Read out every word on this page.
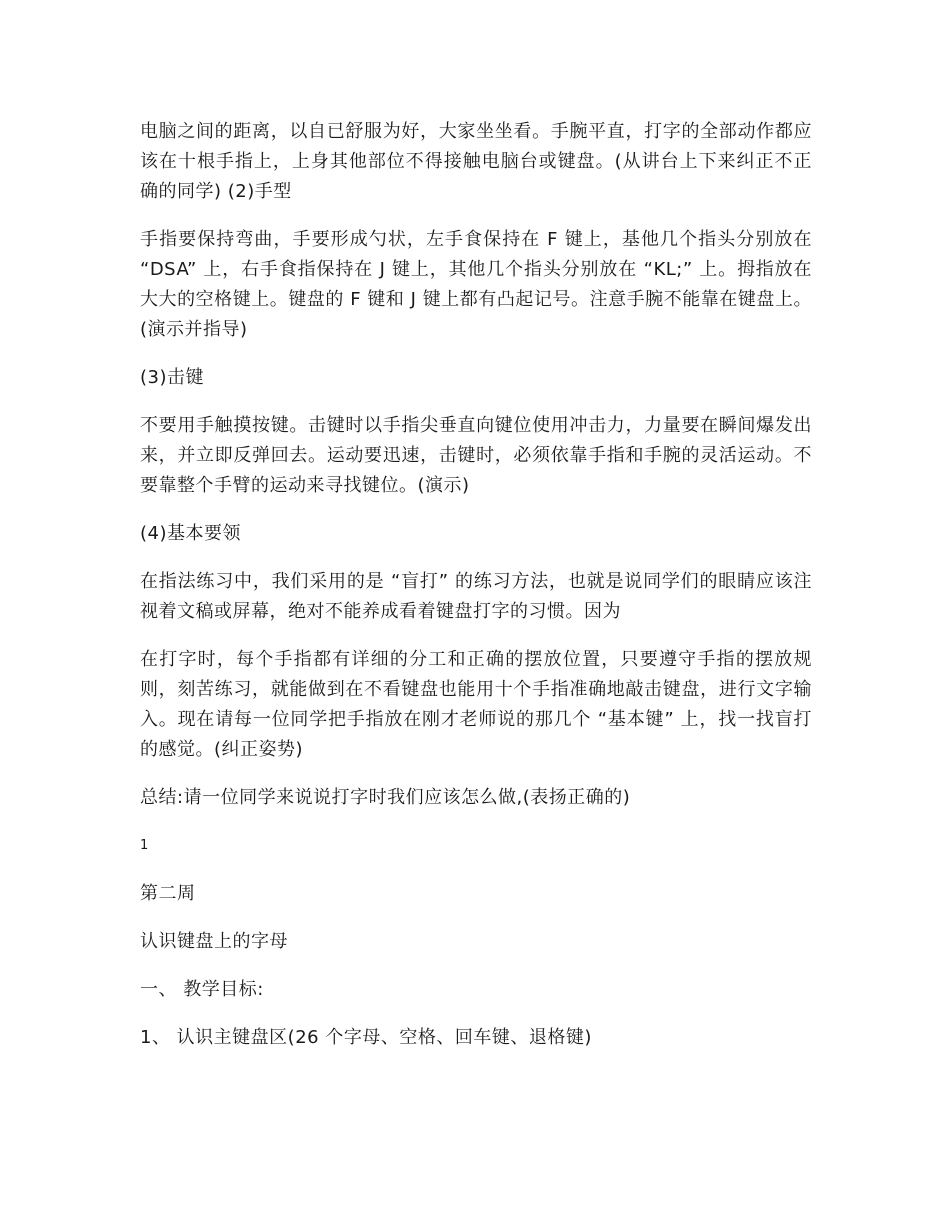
电脑之间的距离，以自已舒服为好，大家坐坐看。手腕平直，打字的全部动作都应该在十根手指上，上身其他部位不得接触电脑台或键盘。(从讲台上下来纠正不正确的同学) (2)手型

手指要保持弯曲，手要形成勺状，左手食保持在 F 键上，基他几个指头分别放在 “DSA” 上，右手食指保持在 J 键上，其他几个指头分别放在 “KL;” 上。拇指放在大大的空格键上。键盘的 F 键和 J 键上都有凸起记号。注意手腕不能靠在键盘上。(演示并指导)

(3)击键

不要用手触摸按键。击键时以手指尖垂直向键位使用冲击力，力量要在瞬间爆发出来，并立即反弹回去。运动要迅速，击键时，必须依靠手指和手腕的灵活运动。不要靠整个手臂的运动来寻找键位。(演示)

(4)基本要领

在指法练习中，我们采用的是 “盲打” 的练习方法，也就是说同学们的眼睛应该注视着文稿或屏幕，绝对不能养成看着键盘打字的习惯。因为

在打字时，每个手指都有详细的分工和正确的摆放位置，只要遵守手指的摆放规则，刻苦练习，就能做到在不看键盘也能用十个手指准确地敲击键盘，进行文字输入。现在请每一位同学把手指放在刚才老师说的那几个 “基本键” 上，找一找盲打的感觉。(纠正姿势)

总结:请一位同学来说说打字时我们应该怎么做,(表扬正确的)

1

第二周

认识键盘上的字母

一、 教学目标:

1、 认识主键盘区(26 个字母、空格、回车键、退格键)
